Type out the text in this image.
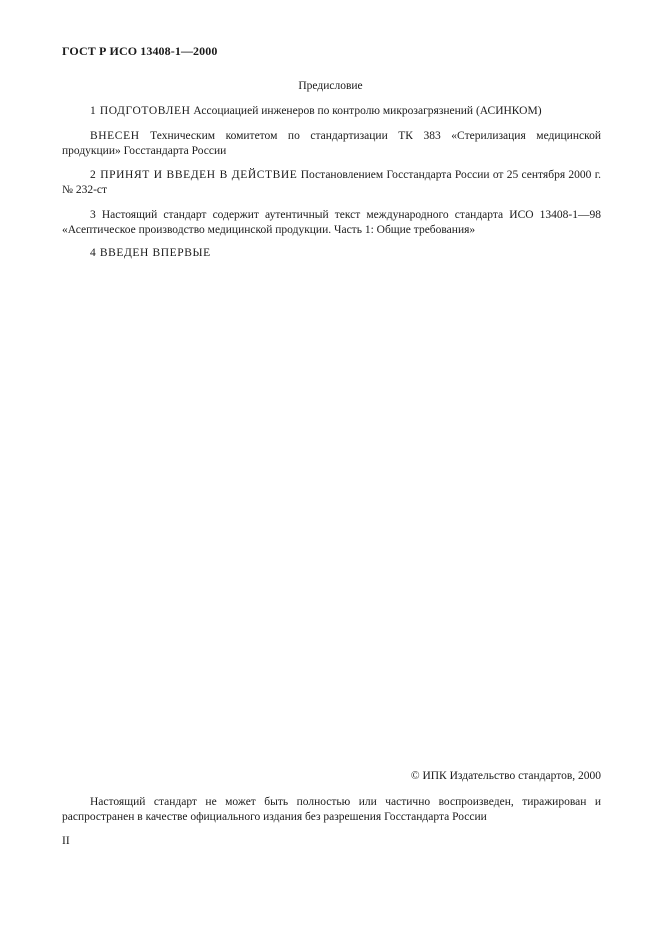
ГОСТ Р ИСО 13408-1—2000
Предисловие

1 ПОДГОТОВЛЕН Ассоциацией инженеров по контролю микрозагрязнений (АСИНКОМ)

ВНЕСЕН Техническим комитетом по стандартизации ТК 383 «Стерилизация медицинской продукции» Госстандарта России

2 ПРИНЯТ И ВВЕДЕН В ДЕЙСТВИЕ Постановлением Госстандарта России от 25 сентября 2000 г. № 232-ст

3 Настоящий стандарт содержит аутентичный текст международного стандарта ИСО 13408-1—98 «Асептическое производство медицинской продукции. Часть 1: Общие требования»

4 ВВЕДЕН ВПЕРВЫЕ

© ИПК Издательство стандартов, 2000

Настоящий стандарт не может быть полностью или частично воспроизведен, тиражирован и распространен в качестве официального издания без разрешения Госстандарта России

II
